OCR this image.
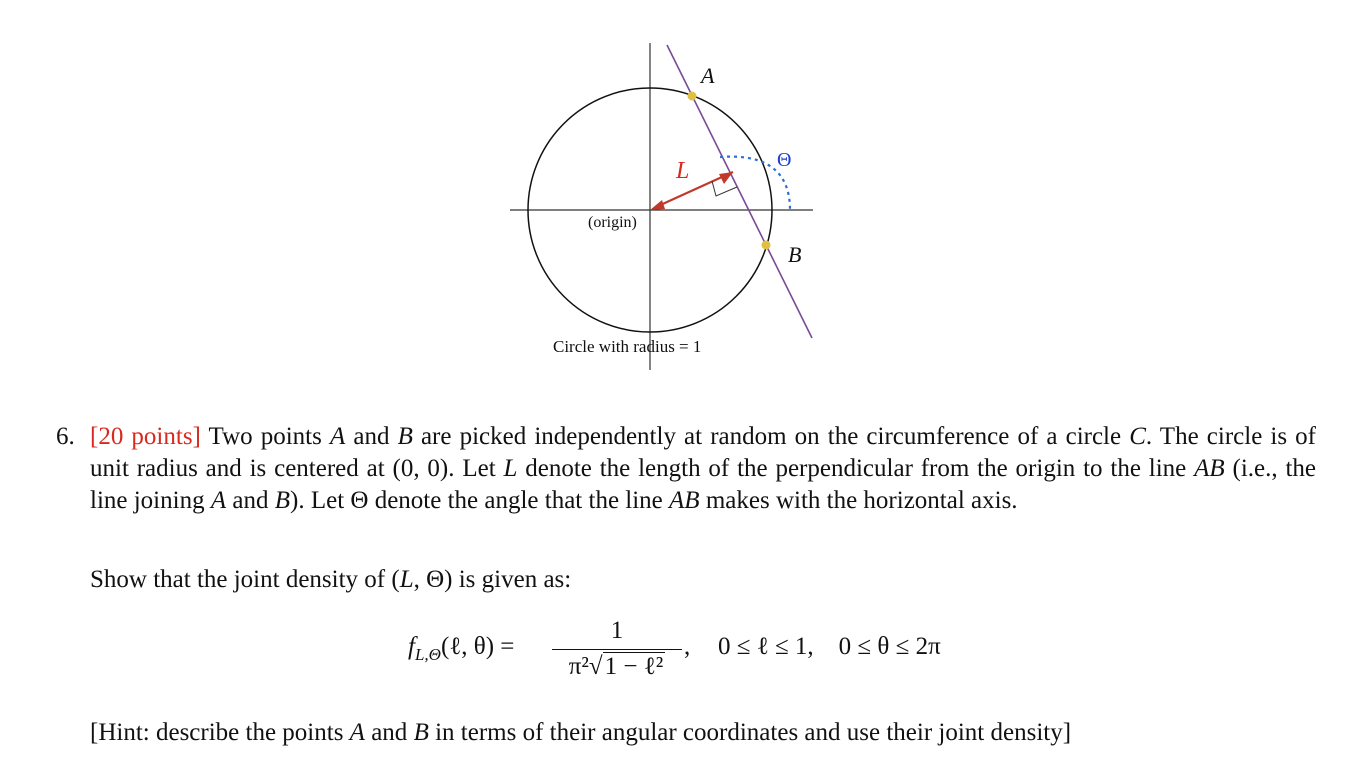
A
B
L	Θ
(origin)
Circle with radius = 1
6. [20 points] Two points A and B are picked independently at random on the circumference of a circle C. The circle is of unit radius and is centered at (0, 0). Let L denote the length of the perpendicular from the origin to the line AB (i.e., the line joining A and B). Let Θ denote the angle that the line AB makes with the horizontal axis.
Show that the joint density of (L, Θ) is given as:
$f_{L,\Theta}(\ell$, θ) =
1
π²√1 − ℓ²
, 0 ≤ ℓ ≤ 1,    0 ≤ θ ≤ 2π
[Hint: describe the points A and B in terms of their angular coordinates and use their joint density]
